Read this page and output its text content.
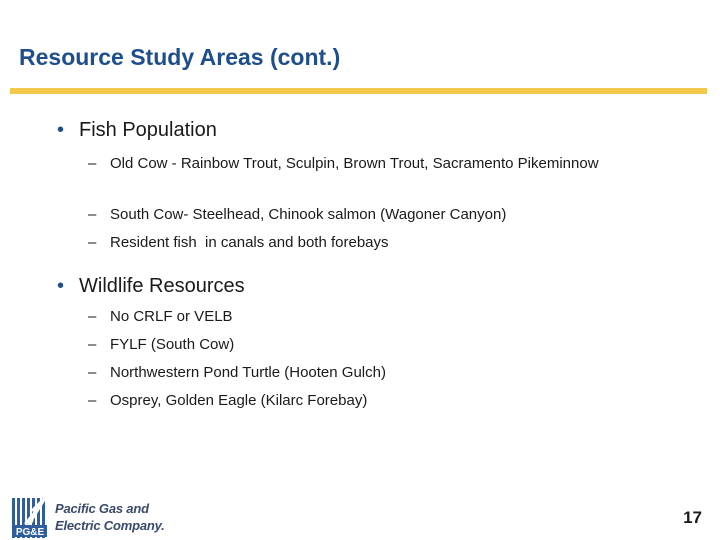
Resource Study Areas (cont.)
• Fish Population
– Old Cow - Rainbow Trout, Sculpin, Brown Trout, Sacramento Pikeminnow
– South Cow- Steelhead, Chinook salmon (Wagoner Canyon)
– Resident fish  in canals and both forebays
• Wildlife Resources
– No CRLF or VELB
– FYLF (South Cow)
– Northwestern Pond Turtle (Hooten Gulch)
– Osprey, Golden Eagle (Kilarc Forebay)
PG&E
Pacific Gas and
Electric Company.	17
